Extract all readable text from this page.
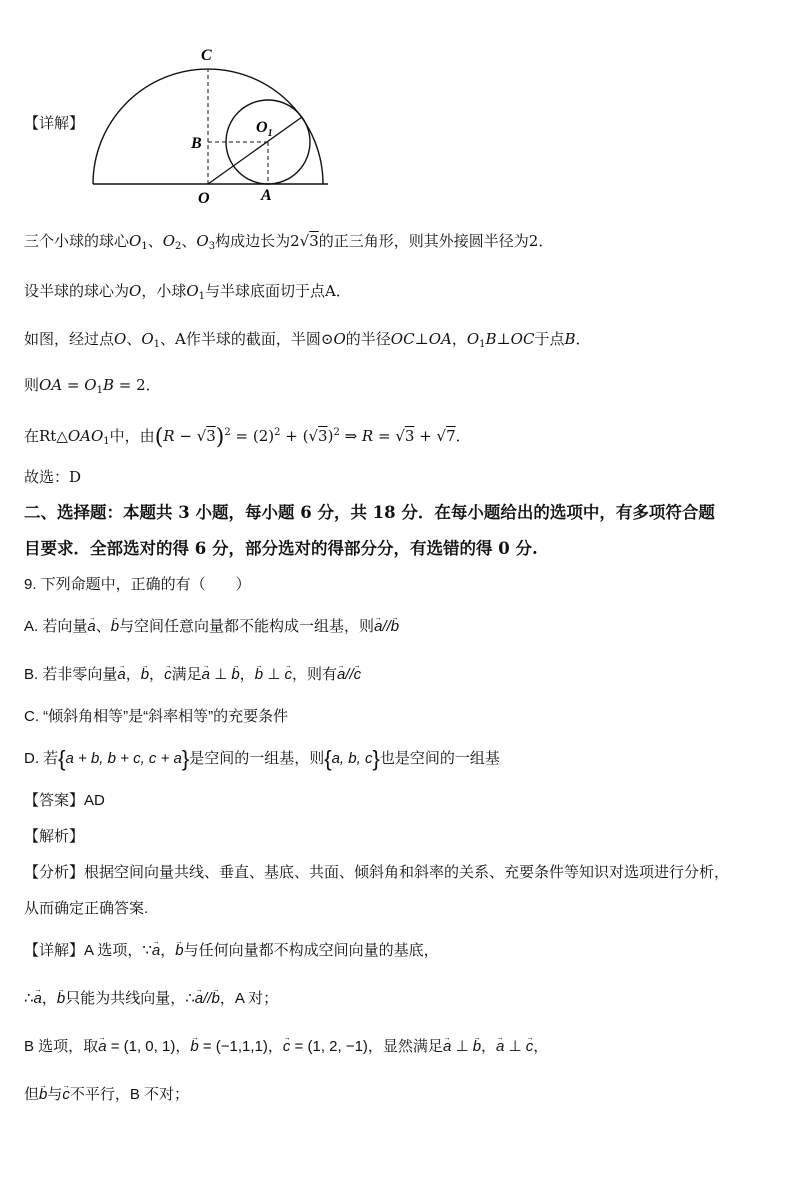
【详解】
C
B
$O_1$
O	A
三个小球的球心$O_1$、$O_2$、$O_3$构成边长为2√3的正三角形，则其外接圆半径为2．
设半球的球心为O，小球$O_1$与半球底面切于点A．
如图，经过点O、$O_1$、A作半球的截面，半圆⊙O的半径OC⊥OA，$O_1B\perp OC$于点B．
则OA = $O_1B = 2$．
在$Rt\triangle OAO_1$中，由$(R - √3)^2 = (2)^2 + (√3)^2$ ⇒ R = √3 + √7．
故选：D
二、选择题：本题共 3 小题，每小题 6 分，共 18 分．在每小题给出的选项中，有多项符合题
目要求．全部选对的得 6 分，部分选对的得部分分，有选错的得 0 分.
9. 下列命题中，正确的有（　　）
A. 若向量→ a、→ b与空间任意向量都不能构成一组基，则→ a//→ b
B. 若非零向量→ a，→ b，→ c满足→ a ⊥ → b，→ b ⊥ → c，则有→ a//→ c
C. “倾斜角相等”是“斜率相等”的充要条件
D. 若{a + b, b + c, c + a}是空间的一组基，则{a, b, c}也是空间的一组基
【答案】AD
【解析】
【分析】根据空间向量共线、垂直、基底、共面、倾斜角和斜率的关系、充要条件等知识对选项进行分析，
从而确定正确答案.
【详解】A 选项，∵→ a，→ b与任何向量都不构成空间向量的基底，
∴→ a，→ b只能为共线向量，∴→ a//→ b，A 对；
B 选项，取→ a = (1, 0, 1)，→ b = (−1,1,1)，→ c = (1, 2, −1)，显然满足→ a ⊥ → b，→ a ⊥ → c，
但→ b与→ c不平行，B 不对；
